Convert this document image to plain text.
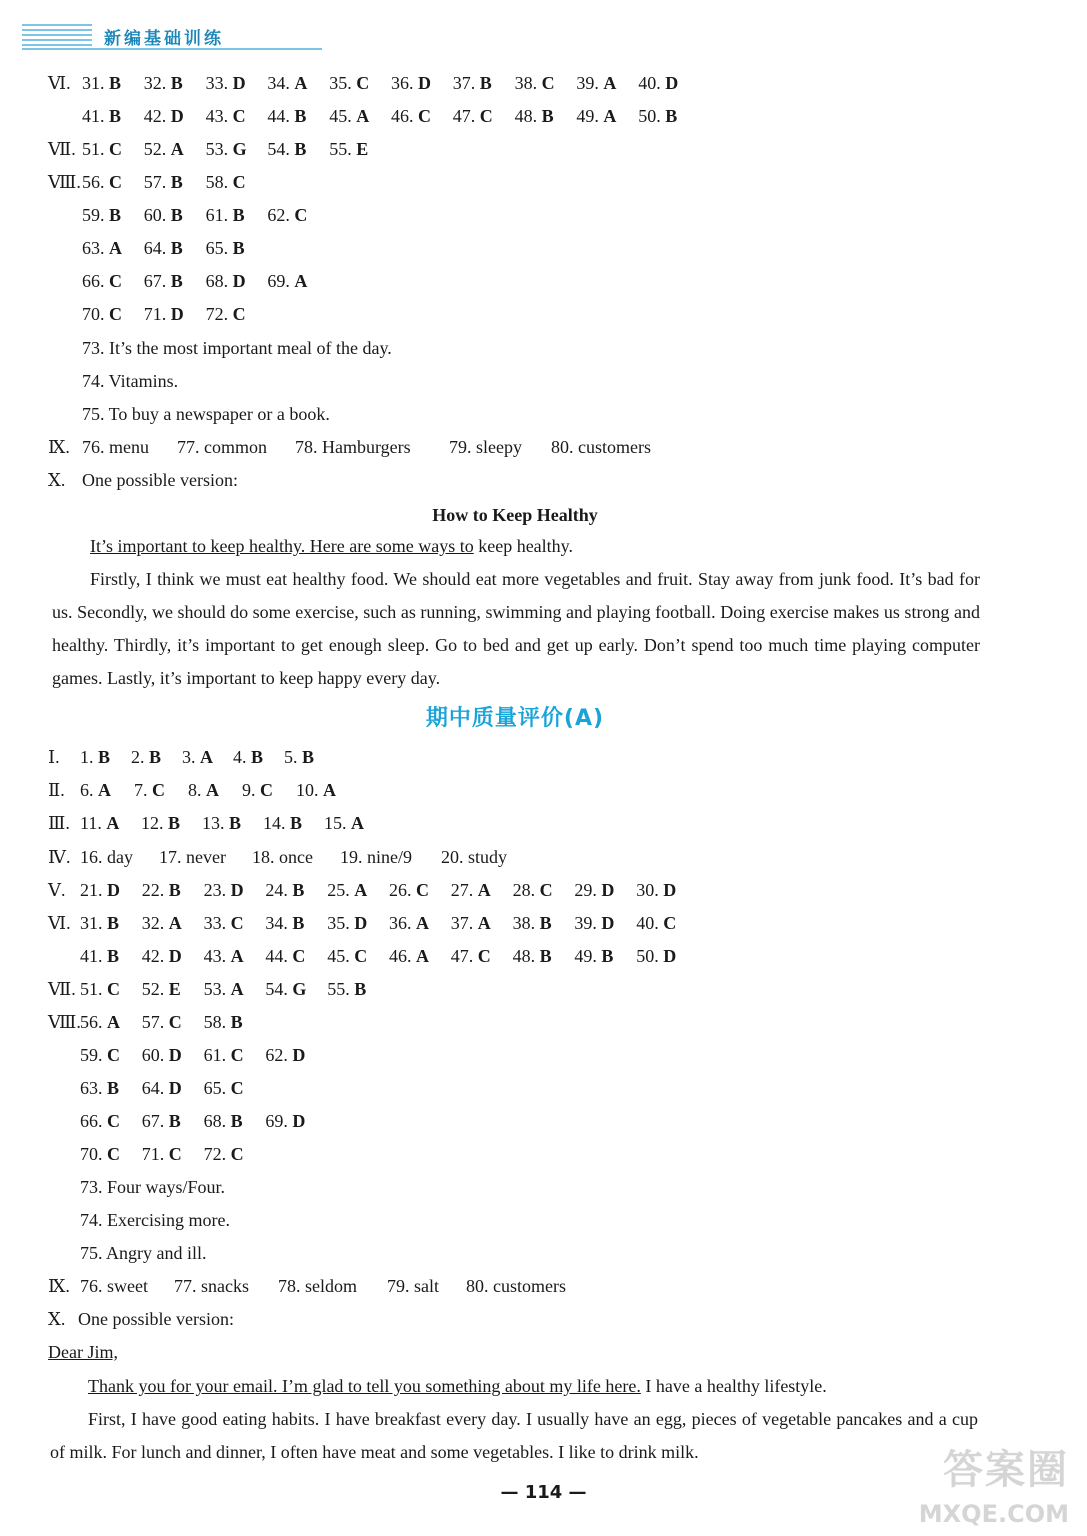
新编基础训练
Ⅵ. 31. B 32. B 33. D 34. A 35. C 36. D 37. B 38. C 39. A 40. D
41. B 42. D 43. C 44. B 45. A 46. C 47. C 48. B 49. A 50. B
Ⅶ. 51. C 52. A 53. G 54. B 55. E
Ⅷ. 56. C 57. B 58. C
59. B 60. B 61. B 62. C
63. A 64. B 65. B
66. C 67. B 68. D 69. A
70. C 71. D 72. C
73. It’s the most important meal of the day.
74. Vitamins.
75. To buy a newspaper or a book.
Ⅸ. 76. menu 77. common 78. Hamburgers 79. sleepy 80. customers
Ⅹ. One possible version:
How to Keep Healthy
It’s important to keep healthy. Here are some ways to keep healthy.
Firstly, I think we must eat healthy food. We should eat more vegetables and fruit. Stay away from junk food. It’s bad for us. Secondly, we should do some exercise, such as running, swimming and playing football. Doing exercise makes us strong and healthy. Thirdly, it’s important to get enough sleep. Go to bed and get up early. Don’t spend too much time playing computer games. Lastly, it’s important to keep happy every day.
期中质量评价(A)
Ⅰ. 1. B 2. B 3. A 4. B 5. B
Ⅱ. 6. A 7. C 8. A 9. C 10. A
Ⅲ. 11. A 12. B 13. B 14. B 15. A
Ⅳ. 16. day 17. never 18. once 19. nine/9 20. study
Ⅴ. 21. D 22. B 23. D 24. B 25. A 26. C 27. A 28. C 29. D 30. D
Ⅵ. 31. B 32. A 33. C 34. B 35. D 36. A 37. A 38. B 39. D 40. C
41. B 42. D 43. A 44. C 45. C 46. A 47. C 48. B 49. B 50. D
Ⅶ. 51. C 52. E 53. A 54. G 55. B
Ⅷ. 56. A 57. C 58. B
59. C 60. D 61. C 62. D
63. B 64. D 65. C
66. C 67. B 68. B 69. D
70. C 71. C 72. C
73. Four ways/Four.
74. Exercising more.
75. Angry and ill.
Ⅸ. 76. sweet 77. snacks 78. seldom 79. salt 80. customers
Ⅹ. One possible version:
Dear Jim,
Thank you for your email. I’m glad to tell you something about my life here. I have a healthy lifestyle.
First, I have good eating habits. I have breakfast every day. I usually have an egg, pieces of vegetable pancakes and a cup of milk. For lunch and dinner, I often have meat and some vegetables. I like to drink milk.
— 114 —	答案圈
MXQE.COM
